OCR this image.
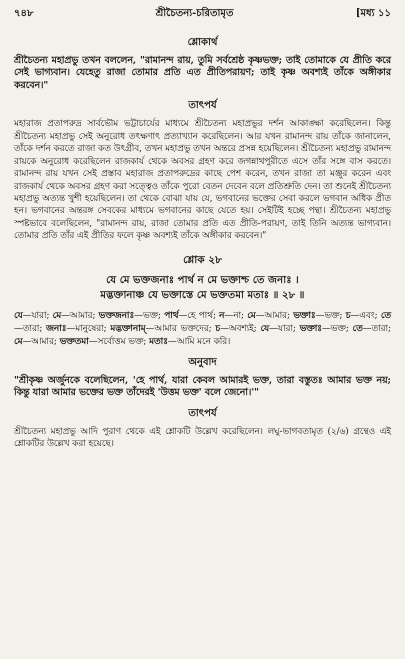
৭৪৮	শ্রীচৈতন্য-চরিতামৃত	[মধ্য ১১
শ্লোকার্থ

শ্রীচৈতন্য মহাপ্রভু তখন বললেন, "রামানন্দ রায়, তুমি সর্বশ্রেষ্ঠ কৃষ্ণভক্ত; তাই তোমাকে যে প্রীতি করে সেই ভাগ্যবান। যেহেতু রাজা তোমার প্রতি এত প্রীতিপরায়ণ; তাই কৃষ্ণ অবশ্যই তাঁকে অঙ্গীকার করবেন।"

তাৎপর্য

মহারাজ প্রতাপরুদ্র সার্বভৌম ভট্টাচার্যের মাধ্যমে শ্রীচৈতন্য মহাপ্রভুর দর্শন আকাঙ্ক্ষা করেছিলেন। কিন্তু শ্রীচৈতন্য মহাপ্রভু সেই অনুরোধ তৎক্ষণাৎ প্রত্যাখ্যান করেছিলেন। আর যখন রামানন্দ রায় তাঁকে জানালেন, তাঁকে দর্শন করতে রাজা কত উৎগ্রীব, তখন মহাপ্রভু তখন অন্তরে প্রসন্ন হয়েছিলেন। শ্রীচৈতন্য মহাপ্রভু রামানন্দ রায়কে অনুরোধ করেছিলেন রাজকার্য থেকে অবসর গ্রহণ করে জগন্নাথপুরীতে এসে তাঁর সঙ্গে বাস করতে। রামানন্দ রায় যখন সেই প্রস্তাব মহারাজ প্রতাপরুদ্রের কাছে পেশ করেন, তখন রাজা তা মঞ্জুর করেন এবং রাজকার্য থেকে অবসর গ্রহণ করা সত্ত্বেও তাঁকে পুরো বেতন দেবেন বলে প্রতিশ্রুতি দেন। তা শুনেই শ্রীচৈতন্য মহাপ্রভু অত্যন্ত খুশী হয়েছিলেন। তা থেকে বোঝা যায় যে, ভগবানের ভক্তের সেবা করলে ভগবান অধিক প্রীত হন। ভগবানের অন্তরঙ্গ সেবকের মাধ্যমে ভগবানের কাছে যেতে হয়। সেইটিই হচ্ছে পন্থা। শ্রীচৈতন্য মহাপ্রভু স্পষ্টভাবে বলেছিলেন, "রামানন্দ রায়, রাজা তোমার প্রতি এত প্রীতি-পরায়ণ, তাই তিনি অত্যন্ত ভাগ্যবান। তোমার প্রতি তাঁর এই প্রীতির ফলে কৃষ্ণ অবশ্যই তাঁকে অঙ্গীকার করবেন।"

শ্লোক ২৮
যে মে ভক্তজনাঃ পার্থ ন মে ভক্তাশ্চ তে জনাঃ ।
মদ্ভক্তানাঞ্চ যে ভক্তাস্তে মে ভক্ততমা মতাঃ ॥ ২৮ ॥

যে—যারা; মে—আমার; ভক্তজনাঃ—ভক্ত; পার্থ—হে পার্থ; ন—না; মে—আমার; ভক্তাঃ—ভক্ত; চ—এবং; তে—তারা; জনাঃ—মানুষেরা; মদ্ভক্তানাম্—আমার ভক্তদের; চ—অবশ্যই; যে—যারা; ভক্তাঃ—ভক্ত; তে—তারা; মে—আমার; ভক্ততমা—সর্বোত্তম ভক্ত; মতাঃ—আমি মনে করি।

অনুবাদ

"শ্রীকৃষ্ণ অর্জুনকে বলেছিলেন, 'হে পার্থ, যারা কেবল আমারই ভক্ত, তারা বস্তুতঃ আমার ভক্ত নয়; কিন্তু যারা আমার ভক্তের ভক্ত তাঁদেরই 'উত্তম ভক্ত' বলে জেনো।'"

তাৎপর্য

শ্রীচৈতন্য মহাপ্রভু আদি পুরাণ থেকে এই শ্লোকটি উল্লেখ করেছিলেন। লঘু-ভাগবতামৃত (২/৬) গ্রন্থেও এই শ্লোকটির উল্লেখ করা হয়েছে।
